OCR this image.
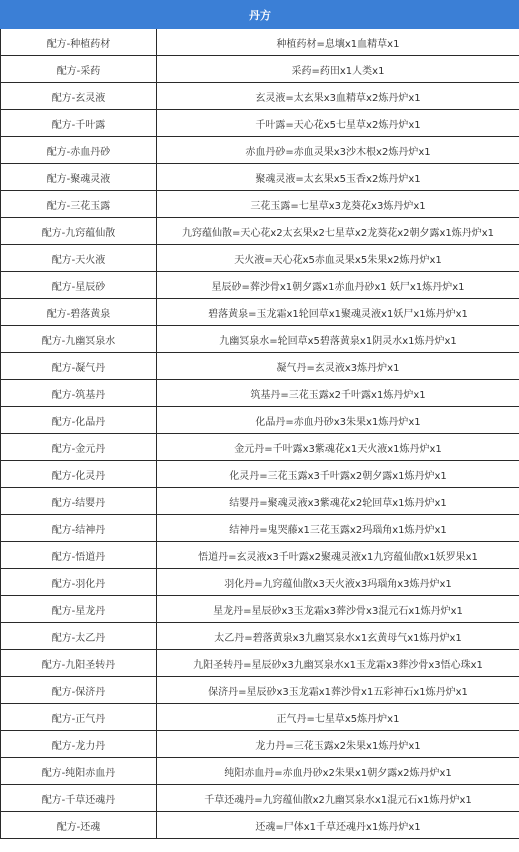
丹方	
配方-种植药材	种植药材=息壤x1血精草x1
配方-采药	采药=药田x1人类x1
配方-玄灵液	玄灵液=太玄果x3血精草x2炼丹炉x1
配方-千叶露	千叶露=天心花x5七星草x2炼丹炉x1
配方-赤血丹砂	赤血丹砂=赤血灵果x3沙木根x2炼丹炉x1
配方-聚魂灵液	聚魂灵液=太玄果x5玉香x2炼丹炉x1
配方-三花玉露	三花玉露=七星草x3龙葵花x3炼丹炉x1
配方-九窍蕴仙散	九窍蕴仙散=天心花x2太玄果x2七星草x2龙葵花x2朝夕露x1炼丹炉x1
配方-天火液	天火液=天心花x5赤血灵果x5朱果x2炼丹炉x1
配方-星辰砂	星辰砂=葬沙骨x1朝夕露x1赤血丹砂x1 妖尸x1炼丹炉x1
配方-碧落黄泉	碧落黄泉=玉龙霜x1轮回草x1聚魂灵液x1妖尸x1炼丹炉x1
配方-九幽冥泉水	九幽冥泉水=轮回草x5碧落黄泉x1阴灵水x1炼丹炉x1
配方-凝气丹	凝气丹=玄灵液x3炼丹炉x1
配方-筑基丹	筑基丹=三花玉露x2千叶露x1炼丹炉x1
配方-化晶丹	化晶丹=赤血丹砂x3朱果x1炼丹炉x1
配方-金元丹	金元丹=千叶露x3紫魂花x1天火液x1炼丹炉x1
配方-化灵丹	化灵丹=三花玉露x3千叶露x2朝夕露x1炼丹炉x1
配方-结婴丹	结婴丹=聚魂灵液x3紫魂花x2轮回草x1炼丹炉x1
配方-结神丹	结神丹=鬼哭藤x1三花玉露x2玛瑙角x1炼丹炉x1
配方-悟道丹	悟道丹=玄灵液x3千叶露x2聚魂灵液x1九窍蕴仙散x1妖罗果x1
配方-羽化丹	羽化丹=九窍蕴仙散x3天火液x3玛瑙角x3炼丹炉x1
配方-星龙丹	星龙丹=星辰砂x3玉龙霜x3葬沙骨x3混元石x1炼丹炉x1
配方-太乙丹	太乙丹=碧落黄泉x3九幽冥泉水x1玄黄母气x1炼丹炉x1
配方-九阳圣转丹	九阳圣转丹=星辰砂x3九幽冥泉水x1玉龙霜x3葬沙骨x3悟心珠x1
配方-保济丹	保济丹=星辰砂x3玉龙霜x1葬沙骨x1五彩神石x1炼丹炉x1
配方-正气丹	正气丹=七星草x5炼丹炉x1
配方-龙力丹	龙力丹=三花玉露x2朱果x1炼丹炉x1
配方-纯阳赤血丹	纯阳赤血丹=赤血丹砂x2朱果x1朝夕露x2炼丹炉x1
配方-千草还魂丹	千草还魂丹=九窍蕴仙散x2九幽冥泉水x1混元石x1炼丹炉x1
配方-还魂	还魂=尸体x1千草还魂丹x1炼丹炉x1
